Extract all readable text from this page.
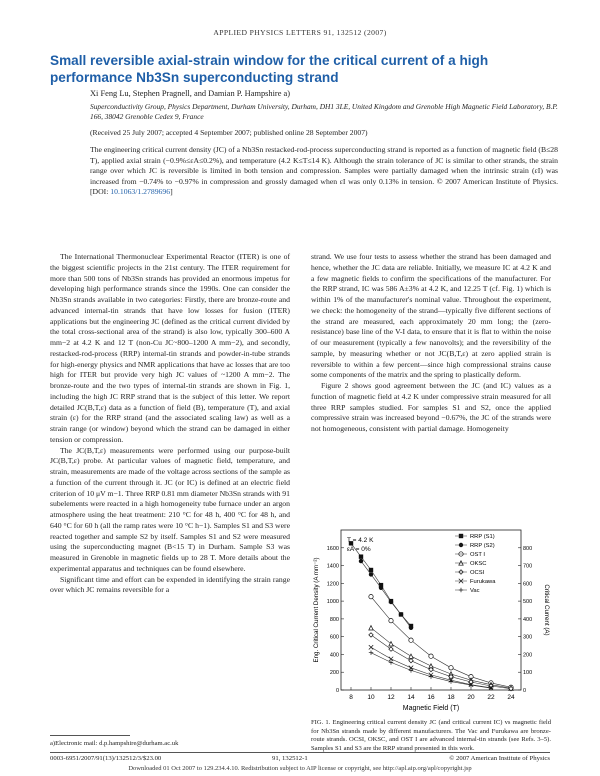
APPLIED PHYSICS LETTERS 91, 132512 (2007)
Small reversible axial-strain window for the critical current of a high performance Nb3Sn superconducting strand
Xi Feng Lu, Stephen Pragnell, and Damian P. Hampshire a)
Superconductivity Group, Physics Department, Durham University, Durham, DH1 3LE, United Kingdom and Grenoble High Magnetic Field Laboratory, B.P. 166, 38042 Grenoble Cedex 9, France
(Received 25 July 2007; accepted 4 September 2007; published online 28 September 2007)
The engineering critical current density (JC) of a Nb3Sn restacked-rod-process superconducting strand is reported as a function of magnetic field (B≤28 T), applied axial strain (−0.9%≤εA≤0.2%), and temperature (4.2 K≤T≤14 K). Although the strain tolerance of JC is similar to other strands, the strain range over which JC is reversible is limited in both tension and compression. Samples were partially damaged when the intrinsic strain (εI) was increased from −0.74% to −0.97% in compression and grossly damaged when εI was only 0.13% in tension. © 2007 American Institute of Physics. [DOI: 10.1063/1.2789696]

The International Thermonuclear Experimental Reactor (ITER) is one of the biggest scientific projects in the 21st century. The ITER requirement for more than 500 tons of Nb3Sn strands has provided an enormous impetus for developing high performance strands since the 1990s. One can consider the Nb3Sn strands available in two categories: Firstly, there are bronze-route and advanced internal-tin strands that have low losses for fusion (ITER) applications but the engineering JC (defined as the critical current divided by the total cross-sectional area of the strand) is also low, typically 300–600 A mm−2 at 4.2 K and 12 T (non-Cu JC~800–1200 A mm−2), and secondly, restacked-rod-process (RRP) internal-tin strands and powder-in-tube strands for high-energy physics and NMR applications that have ac losses that are too high for ITER but provide very high JC values of ~1200 A mm−2. The bronze-route and the two types of internal-tin strands are shown in Fig. 1, including the high JC RRP strand that is the subject of this letter. We report detailed JC(B,T,ε) data as a function of field (B), temperature (T), and axial strain (ε) for the RRP strand (and the associated scaling law) as well as a strain range (or window) beyond which the strand can be damaged in either tension or compression.

The JC(B,T,ε) measurements were performed using our purpose-built JC(B,T,ε) probe. At particular values of magnetic field, temperature, and strain, measurements are made of the voltage across sections of the sample as a function of the current through it. JC (or IC) is defined at an electric field criterion of 10 μV m−1. Three RRP 0.81 mm diameter Nb3Sn strands with 91 subelements were reacted in a high homogeneity tube furnace under an argon atmosphere using the heat treatment: 210 °C for 48 h, 400 °C for 48 h, and 640 °C for 60 h (all the ramp rates were 10 °C h−1). Samples S1 and S3 were reacted together and sample S2 by itself. Samples S1 and S2 were measured using the superconducting magnet (B<15 T) in Durham. Sample S3 was measured in Grenoble in magnetic fields up to 28 T. More details about the experimental apparatus and techniques can be found elsewhere.

Significant time and effort can be expended in identifying the strain range over which JC remains reversible for a

strand. We use four tests to assess whether the strand has been damaged and hence, whether the JC data are reliable. Initially, we measure IC at 4.2 K and a few magnetic fields to confirm the specifications of the manufacturer. For the RRP strand, IC was 586 A±3% at 4.2 K, and 12.25 T (cf. Fig. 1) which is within 1% of the manufacturer's nominal value. Throughout the experiment, we check: the homogeneity of the strand—typically five different sections of the strand are measured, each approximately 20 mm long; the (zero-resistance) base line of the V-I data, to ensure that it is flat to within the noise of our measurement (typically a few nanovolts); and the reversibility of the sample, by measuring whether or not JC(B,T,ε) at zero applied strain is reversible to within a few percent—since high compressional strains cause some components of the matrix and the spring to plastically deform.

Figure 2 shows good agreement between the JC (and IC) values as a function of magnetic field at 4.2 K under compressive strain measured for all three RRP samples studied. For samples S1 and S2, once the applied compressive strain was increased beyond −0.67%, the JC of the strands were not homogeneous, consistent with partial damage. Homogeneity

8 10 12 14 16 18 20 22 24
0
200
400
600
800
1000
1200
1400
1600
0
100
200
300
400
500
600
700
800
RRP (S1)
RRP (S2)
OST I
OKSC
OCSI
Furukawa
Vac
T = 4.2 K
εA = 0%
Magnetic Field (T)
Eng. Critical Current Density (A mm⁻²)	Critical Current (A)
FIG. 1. Engineering critical current density JC (and critical current IC) vs magnetic field for Nb3Sn strands made by different manufacturers. The Vac and Furukawa are bronze-route strands. OCSI, OKSC, and OST I are advanced internal-tin strands (see Refs. 3–5). Samples S1 and S3 are the RRP strand presented in this work.
a)Electronic mail: d.p.hampshire@durham.ac.uk
0003-6951/2007/91(13)/132512/3/$23.00	91, 132512-1	© 2007 American Institute of Physics
Downloaded 01 Oct 2007 to 129.234.4.10. Redistribution subject to AIP license or copyright, see http://apl.aip.org/apl/copyright.jsp
